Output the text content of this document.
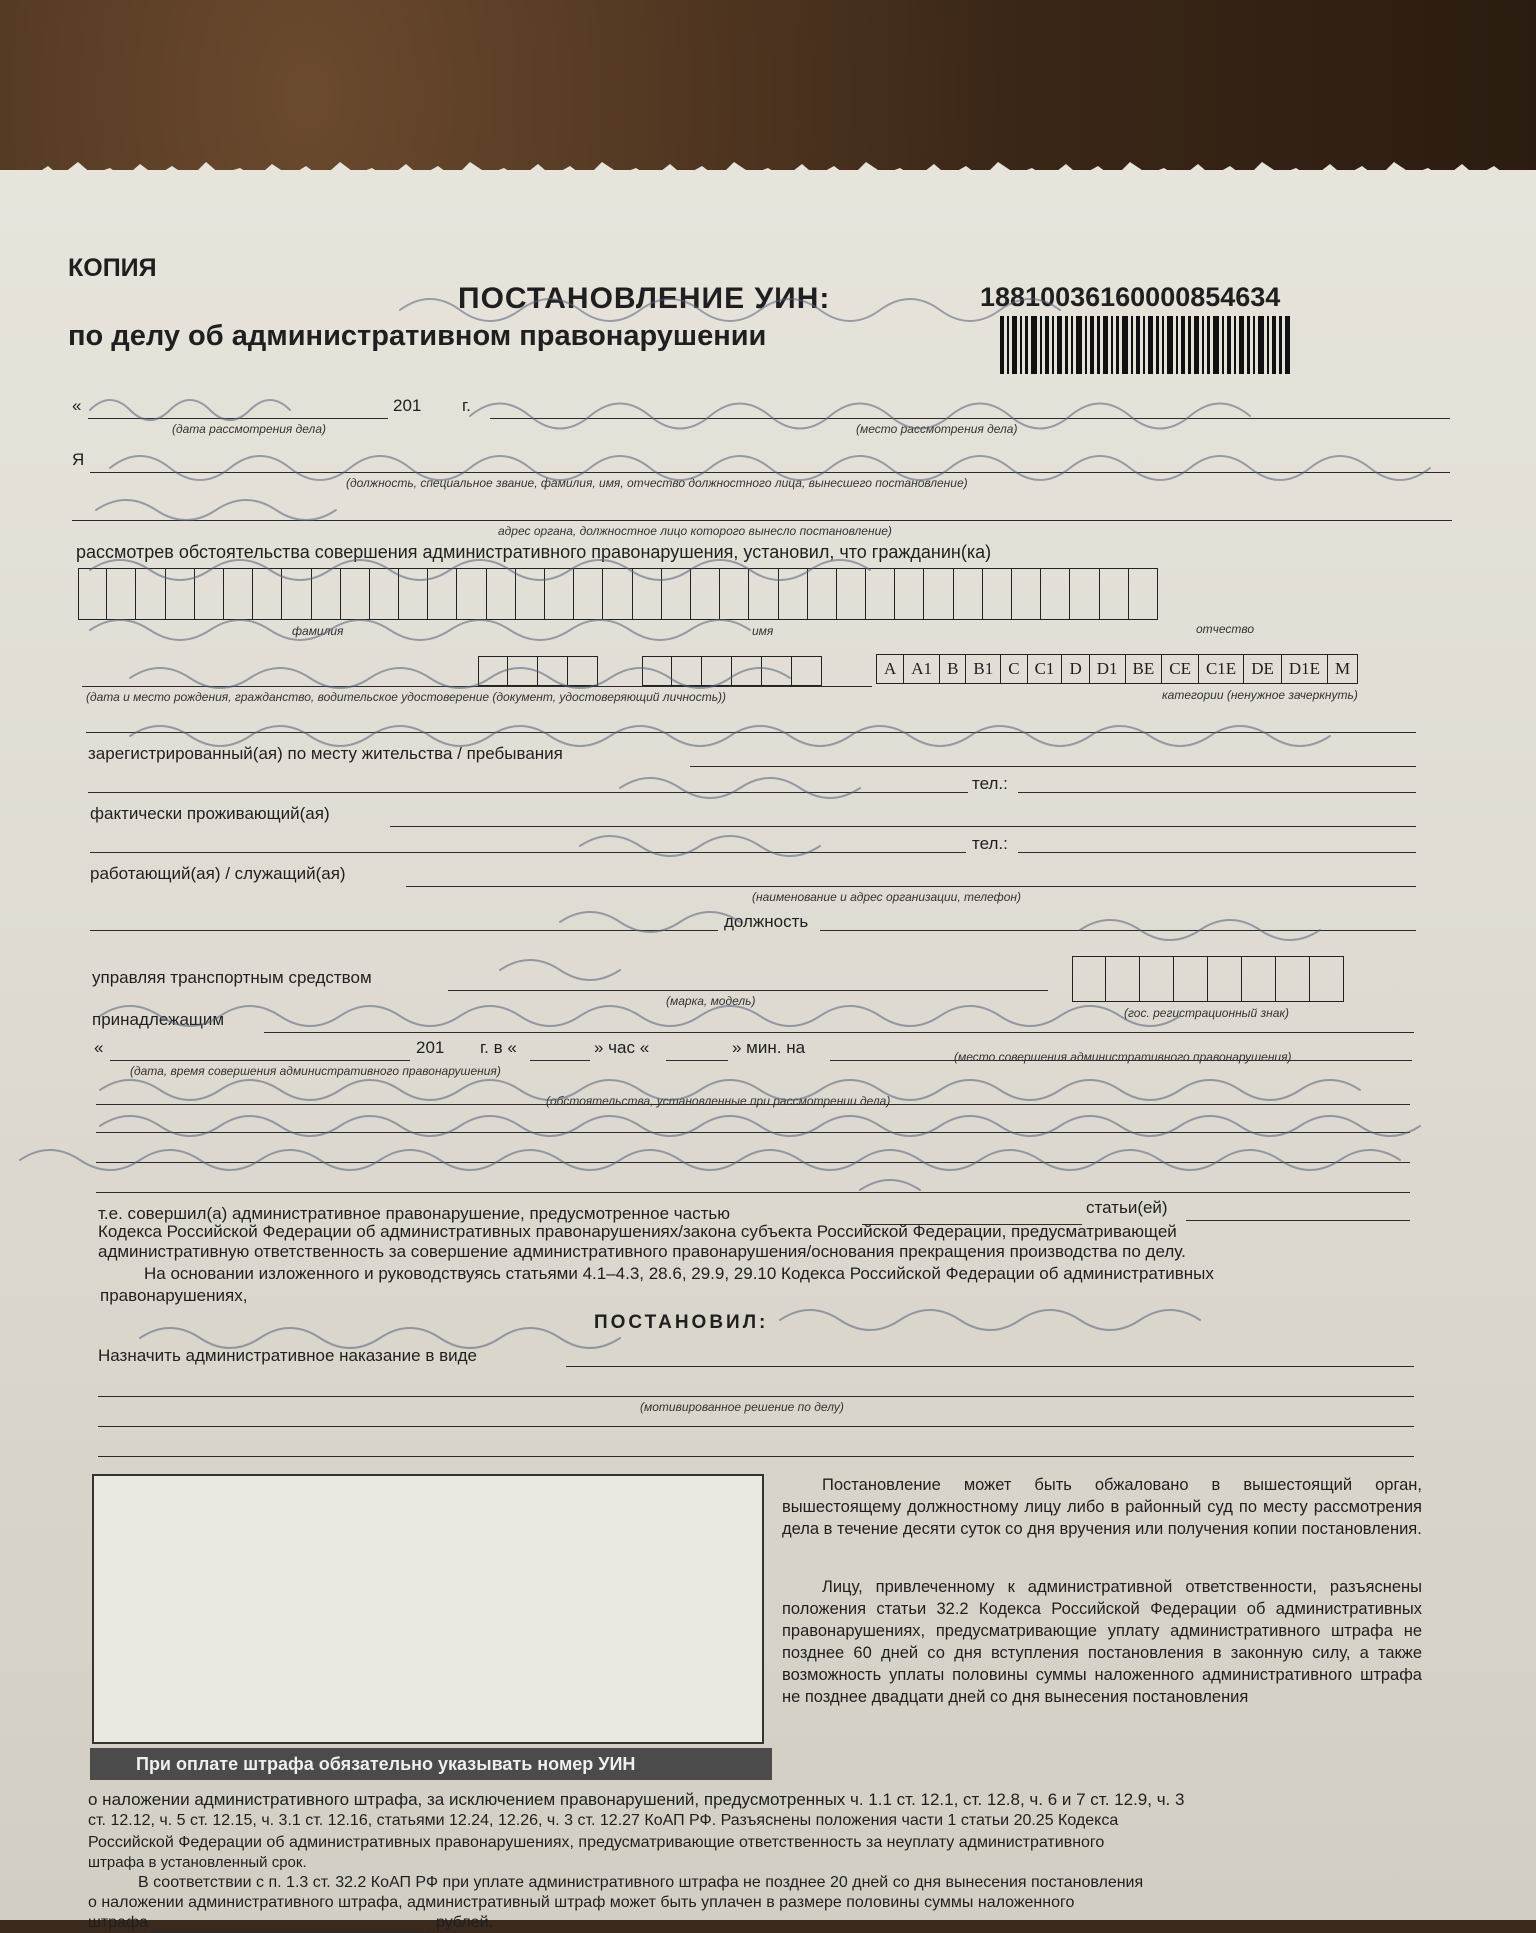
КОПИЯ
ПОСТАНОВЛЕНИЕ УИН:	18810036160000854634
по делу об административном правонарушении
«	201 г.
(дата рассмотрения дела)	(место рассмотрения дела)
Я
(должность, специальное звание, фамилия, имя, отчество должностного лица, вынесшего постановление)
адрес органа, должностное лицо которого вынесло постановление)
рассмотрев обстоятельства совершения административного правонарушения, установил, что гражданин(ка)
фамилия	имя	отчество
A A1 B B1 C C1 D D1 BE CE C1E DE D1E M
(дата и место рождения, гражданство, водительское удостоверение (документ, удостоверяющий личность))	категории (ненужное зачеркнуть)
зарегистрированный(ая) по месту жительства / пребывания
тел.:
фактически проживающий(ая)
тел.:
работающий(ая) / служащий(ая)
(наименование и адрес организации, телефон)
должность
управляя транспортным средством
(марка, модель)
(гос. регистрационный знак)
принадлежащим
«	201 г. в «	» час «	» мин. на
(дата, время совершения административного правонарушения)
(место совершения административного правонарушения)
(обстоятельства, установленные при рассмотрении дела)
т.е. совершил(а) административное правонарушение, предусмотренное частью	статьи(ей)
Кодекса Российской Федерации об административных правонарушениях/закона субъекта Российской Федерации, предусматривающей
административную ответственность за совершение административного правонарушения/основания прекращения производства по делу.
На основании изложенного и руководствуясь статьями 4.1–4.3, 28.6, 29.9, 29.10 Кодекса Российской Федерации об административных
правонарушениях,
ПОСТАНОВИЛ:
Назначить административное наказание в виде
(мотивированное решение по делу)
Постановление может быть обжаловано в вышестоящий орган, вышестоящему должностному лицу либо в районный суд по месту рассмотрения дела в течение десяти суток со дня вручения или получения копии постановления.
Лицу, привлеченному к административной ответственности, разъяснены положения статьи 32.2 Кодекса Российской Федерации об административных правонарушениях, предусматривающие уплату административного штрафа не позднее 60 дней со дня вступления постановления в законную силу, а также возможность уплаты половины суммы наложенного административного штрафа не позднее двадцати дней со дня вынесения постановления
При оплате штрафа обязательно указывать номер УИН
о наложении административного штрафа, за исключением правонарушений, предусмотренных ч. 1.1 ст. 12.1, ст. 12.8, ч. 6 и 7 ст. 12.9, ч. 3
ст. 12.12, ч. 5 ст. 12.15, ч. 3.1 ст. 12.16, статьями 12.24, 12.26, ч. 3 ст. 12.27 КоАП РФ. Разъяснены положения части 1 статьи 20.25 Кодекса
Российской Федерации об административных правонарушениях, предусматривающие ответственность за неуплату административного
штрафа в установленный срок.
В соответствии с п. 1.3 ст. 32.2 КоАП РФ при уплате административного штрафа не позднее 20 дней со дня вынесения постановления
о наложении административного штрафа, административный штраф может быть уплачен в размере половины суммы наложенного
штрафа	рублей.
